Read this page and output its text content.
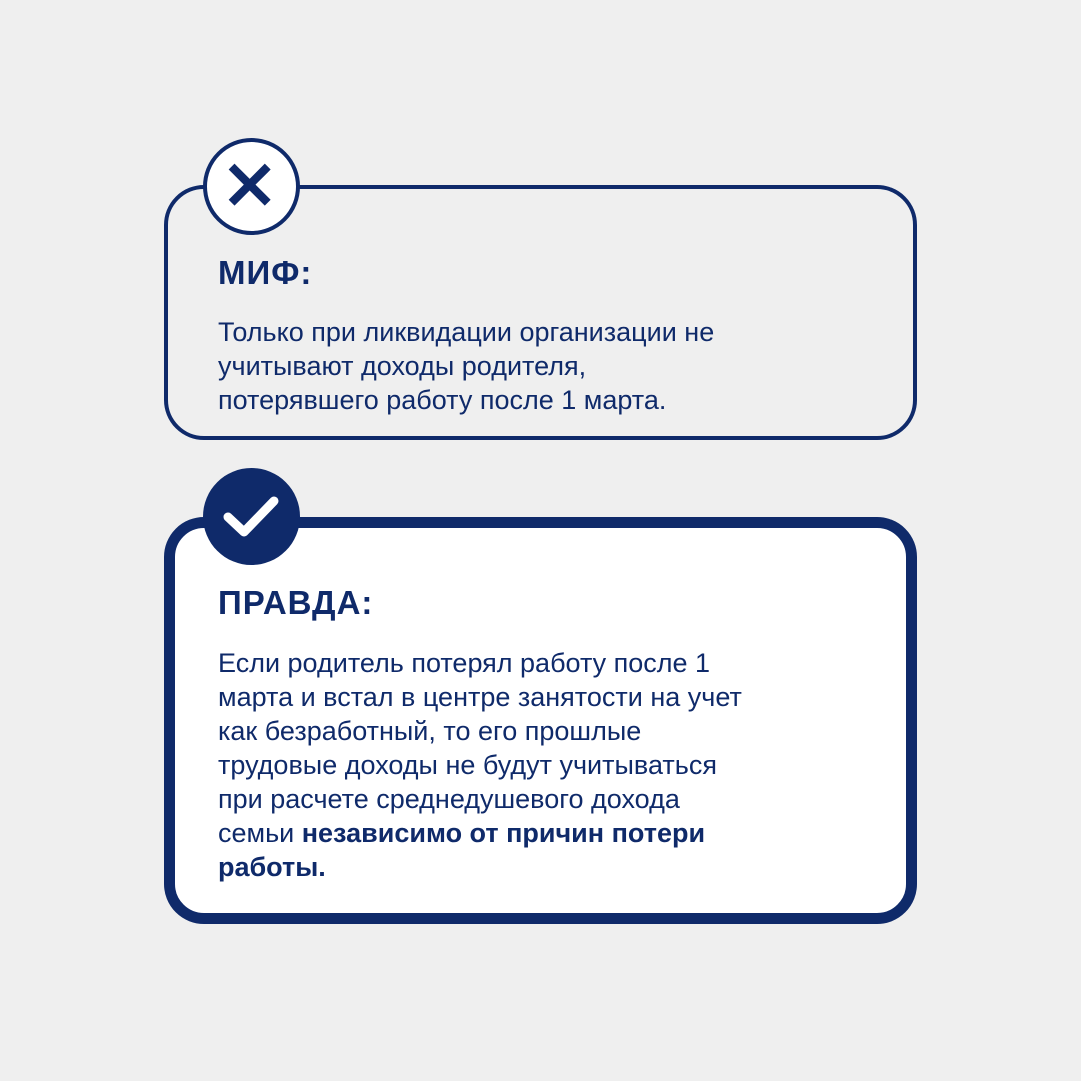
МИФ:

Только при ликвидации организации не
учитывают доходы родителя,
потерявшего работу после 1 марта.

ПРАВДА:

Если родитель потерял работу после 1
марта и встал в центре занятости на учет
как безработный, то его прошлые
трудовые доходы не будут учитываться
при расчете среднедушевого дохода
семьи независимо от причин потери
работы.
